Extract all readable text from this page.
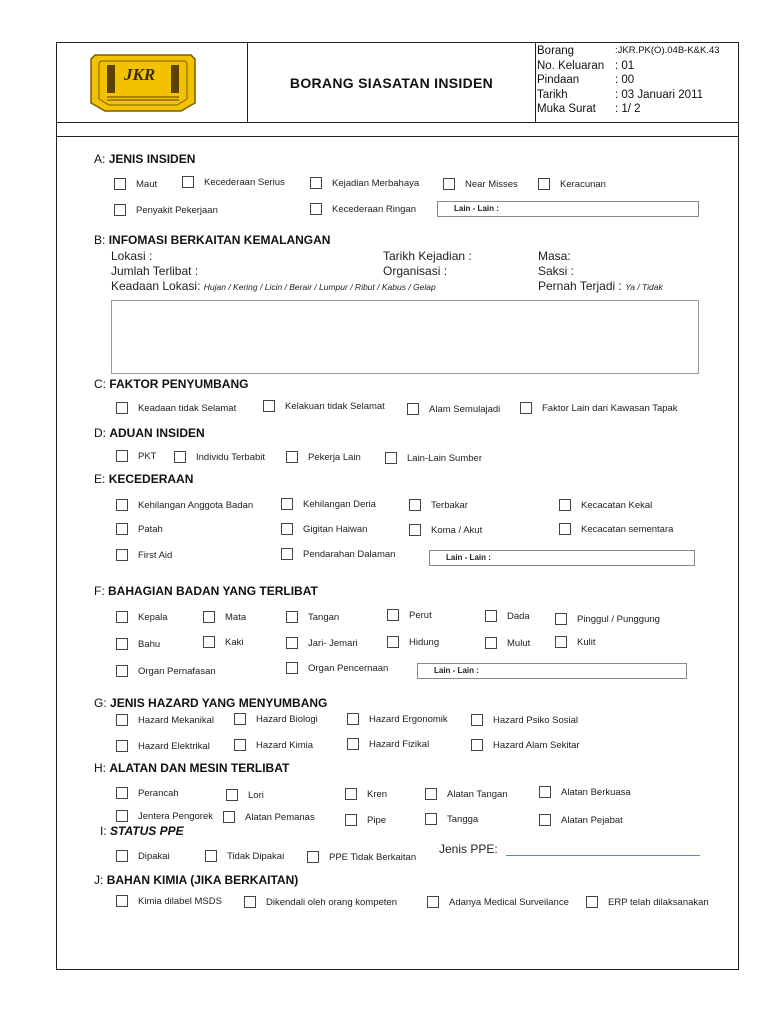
JKR	BORANG SIASATAN INSIDEN
Borang	:JKR.PK(O).04B-K&K.43
No. Keluaran : 01
Pindaan	: 00
Tarikh	: 03 Januari 2011
Muka Surat : 1/ 2
A: JENIS INSIDEN
Maut	Kecederaan Serius	Kejadian Merbahaya	Near Misses	Keracunan
Penyakit Pekerjaan	Kecederaan Ringan	Lain - Lain :
B: INFOMASI BERKAITAN KEMALANGAN
Lokasi :	Tarikh Kejadian :	Masa:
Jumlah Terlibat :	Organisasi :	Saksi :
Keadaan Lokasi: Hujan / Kering / Licin / Berair / Lumpur / Ribut / Kabus / Gelap	Pernah Terjadi : Ya / Tidak
C: FAKTOR PENYUMBANG
Keadaan tidak Selamat	Kelakuan tidak Selamat	Alam Semulajadi	Faktor Lain dari Kawasan Tapak
D: ADUAN INSIDEN
PKT	Individu Terbabit	Pekerja Lain	Lain-Lain Sumber
E: KECEDERAAN
Kehilangan Anggota Badan	Kehilangan Deria	Terbakar	Kecacatan Kekal
Patah	Gigitan Haiwan	Koma / Akut	Kecacatan sementara
First Aid	Pendarahan Dalaman	Lain - Lain :
F: BAHAGIAN BADAN YANG TERLIBAT
Kepala	Mata	Tangan	Perut	Dada	Pinggul / Punggung
Bahu	Kaki	Jari- Jemari	Hidung	Mulut	Kulit
Organ Pernafasan	Organ Pencernaan	Lain - Lain :
G: JENIS HAZARD YANG MENYUMBANG
Hazard Mekanikal	Hazard Biologi	Hazard Ergonomik	Hazard Psiko Sosial
Hazard Elektrikal	Hazard Kimia	Hazard Fizikal	Hazard Alam Sekitar
H: ALATAN DAN MESIN TERLIBAT
Perancah	Lori	Kren	Alatan Tangan	Alatan Berkuasa
Jentera Pengorek	Alatan Pemanas	Pipe	Tangga	Alatan Pejabat
I: STATUS PPE
Dipakai	Tidak Dipakai	PPE Tidak Berkaitan
Jenis PPE:
J: BAHAN KIMIA (JIKA BERKAITAN)
Kimia dilabel MSDS	Dikendali oleh orang kompeten	Adanya Medical Surveilance	ERP telah dilaksanakan
